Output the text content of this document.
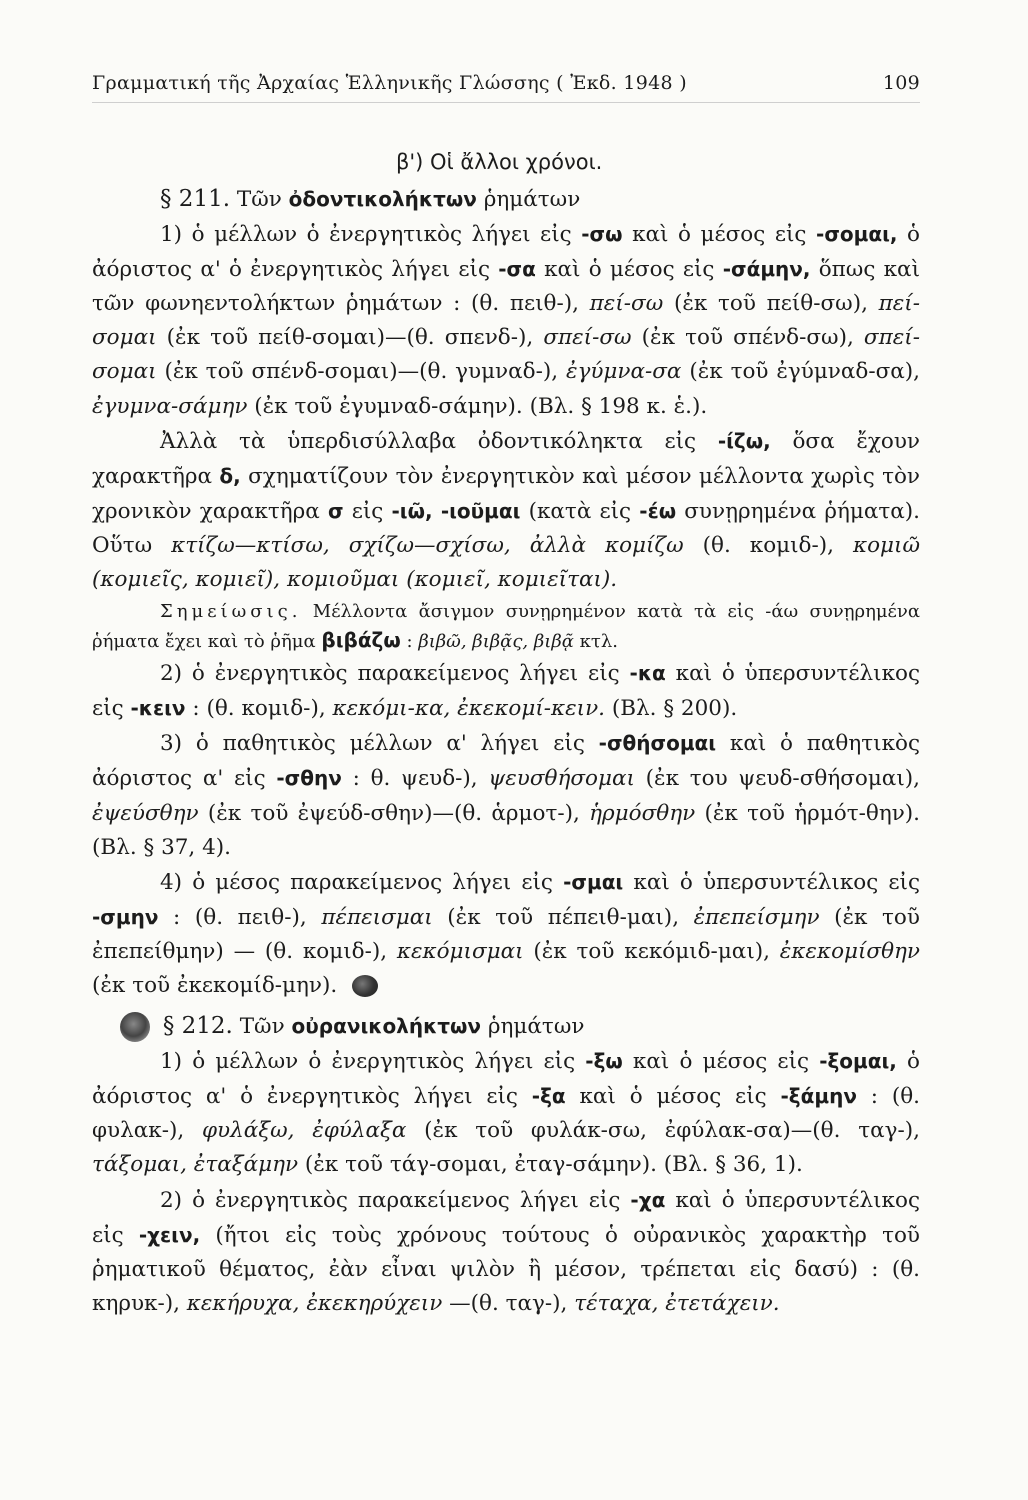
Γραμματική τῆς Ἀρχαίας Ἑλληνικῆς Γλώσσης ( Ἐκδ. 1948 )	109
β') Οἱ ἄλλοι χρόνοι.

§ 211. Τῶν ὀδοντικολήκτων ῥημάτων

1) ὁ μέλλων ὁ ἐνεργητικὸς λήγει εἰς -σω καὶ ὁ μέσος εἰς -σομαι, ὁ ἀόριστος α' ὁ ἐνεργητικὸς λήγει εἰς -σα καὶ ὁ μέσος εἰς -σάμην, ὅπως καὶ τῶν φωνηεντολήκτων ῥημάτων : (θ. πειθ-), πεί-σω (ἐκ τοῦ πείθ-σω), πεί-σομαι (ἐκ τοῦ πείθ-σομαι)—(θ. σπενδ-), σπεί-σω (ἐκ τοῦ σπένδ-σω), σπεί-σομαι (ἐκ τοῦ σπένδ-σομαι)—(θ. γυμναδ-), ἐγύμνα-σα (ἐκ τοῦ ἐγύμναδ-σα), ἐγυμνα-σάμην (ἐκ τοῦ ἐγυμναδ-σάμην). (Βλ. § 198 κ. ἑ.).

Ἀλλὰ τὰ ὑπερδισύλλαβα ὀδοντικόληκτα εἰς -ίζω, ὅσα ἔχουν χαρακτῆρα δ, σχηματίζουν τὸν ἐνεργητικὸν καὶ μέσον μέλλοντα χωρὶς τὸν χρονικὸν χαρακτῆρα σ εἰς -ιῶ, -ιοῦμαι (κατὰ εἰς -έω συνῃρημένα ῥήματα). Οὕτω κτίζω—κτίσω, σχίζω—σχίσω, ἀλλὰ κομίζω (θ. κομιδ-), κομιῶ (κομιεῖς, κομιεῖ), κομιοῦμαι (κομιεῖ, κομιεῖται).

Σημείωσις. Μέλλοντα ἄσιγμον συνῃρημένον κατὰ τὰ εἰς -άω συνῃρημένα ῥήματα ἔχει καὶ τὸ ῥῆμα βιβάζω : βιβῶ, βιβᾷς, βιβᾷ κτλ.

2) ὁ ἐνεργητικὸς παρακείμενος λήγει εἰς -κα καὶ ὁ ὑπερσυντέλικος εἰς -κειν : (θ. κομιδ-), κεκόμι-κα, ἐκεκομί-κειν. (Βλ. § 200).

3) ὁ παθητικὸς μέλλων α' λήγει εἰς -σθήσομαι καὶ ὁ παθητικὸς ἀόριστος α' εἰς -σθην : θ. ψευδ-), ψευσθήσομαι (ἐκ του ψευδ-σθήσομαι), ἐψεύσθην (ἐκ τοῦ ἐψεύδ-σθην)—(θ. ἁρμοτ-), ἡρμόσθην (ἐκ τοῦ ἡρμότ-θην). (Βλ. § 37, 4).

4) ὁ μέσος παρακείμενος λήγει εἰς -σμαι καὶ ὁ ὑπερσυντέλικος εἰς -σμην : (θ. πειθ-), πέπεισμαι (ἐκ τοῦ πέπειθ-μαι), ἐπεπείσμην (ἐκ τοῦ ἐπεπείθμην) — (θ. κομιδ-), κεκόμισμαι (ἐκ τοῦ κεκόμιδ-μαι), ἐκεκομίσθην (ἐκ τοῦ ἐκεκομίδ-μην).

§ 212. Τῶν οὐρανικολήκτων ῥημάτων

1) ὁ μέλλων ὁ ἐνεργητικὸς λήγει εἰς -ξω καὶ ὁ μέσος εἰς -ξομαι, ὁ ἀόριστος α' ὁ ἐνεργητικὸς λήγει εἰς -ξα καὶ ὁ μέσος εἰς -ξάμην : (θ. φυλακ-), φυλάξω, ἐφύλαξα (ἐκ τοῦ φυλάκ-σω, ἐφύλακ-σα)—(θ. ταγ-), τάξομαι, ἐταξάμην (ἐκ τοῦ τάγ-σομαι, ἐταγ-σάμην). (Βλ. § 36, 1).

2) ὁ ἐνεργητικὸς παρακείμενος λήγει εἰς -χα καὶ ὁ ὑπερσυντέλικος εἰς -χειν, (ἤτοι εἰς τοὺς χρόνους τούτους ὁ οὐρανικὸς χαρακτὴρ τοῦ ῥηματικοῦ θέματος, ἐὰν εἶναι ψιλὸν ἢ μέσον, τρέπεται εἰς δασύ) : (θ. κηρυκ-), κεκήρυχα, ἐκεκηρύχειν —(θ. ταγ-), τέταχα, ἐτετάχειν.
